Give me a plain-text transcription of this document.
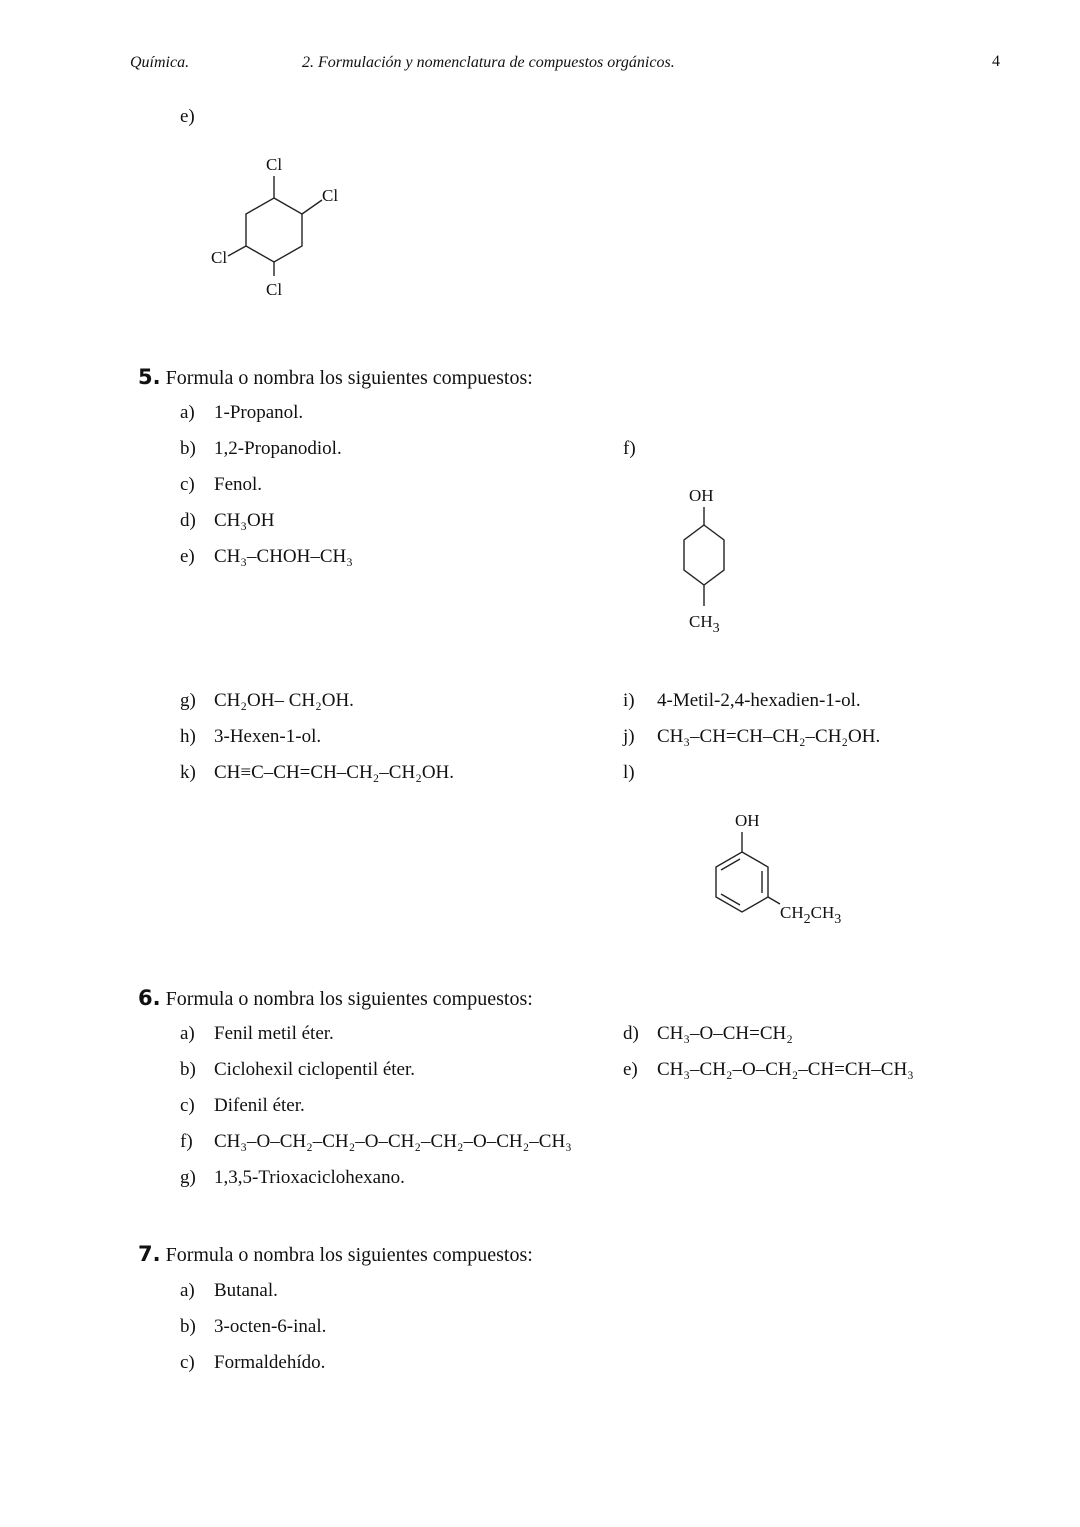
Química.	2. Formulación y nomenclatura de compuestos orgánicos.	4
e)
Cl
Cl
Cl
Cl
5. Formula o nombra los siguientes compuestos:
a) 1-Propanol.
b) 1,2-Propanodiol.
c) Fenol.
d) CH₃OH
e) CH₃–CHOH–CH₃
f)
OH
$CH_3$
g) CH₂OH– CH₂OH.
h) 3-Hexen-1-ol.
k) CH≡C–CH=CH–CH₂–CH₂OH.
i) 4-Metil-2,4-hexadien-1-ol.
j) CH₃–CH=CH–CH₂–CH₂OH.
l)
OH
$CH_2CH_3$
6. Formula o nombra los siguientes compuestos:
a) Fenil metil éter.
b) Ciclohexil ciclopentil éter.
c) Difenil éter.
f) CH₃–O–CH₂–CH₂–O–CH₂–CH₂–O–CH₂–CH₃
g) 1,3,5-Trioxaciclohexano.
d) CH₃–O–CH=CH₂
e) CH₃–CH₂–O–CH₂–CH=CH–CH₃
7. Formula o nombra los siguientes compuestos:
a) Butanal.
b) 3-octen-6-inal.
c) Formaldehído.
